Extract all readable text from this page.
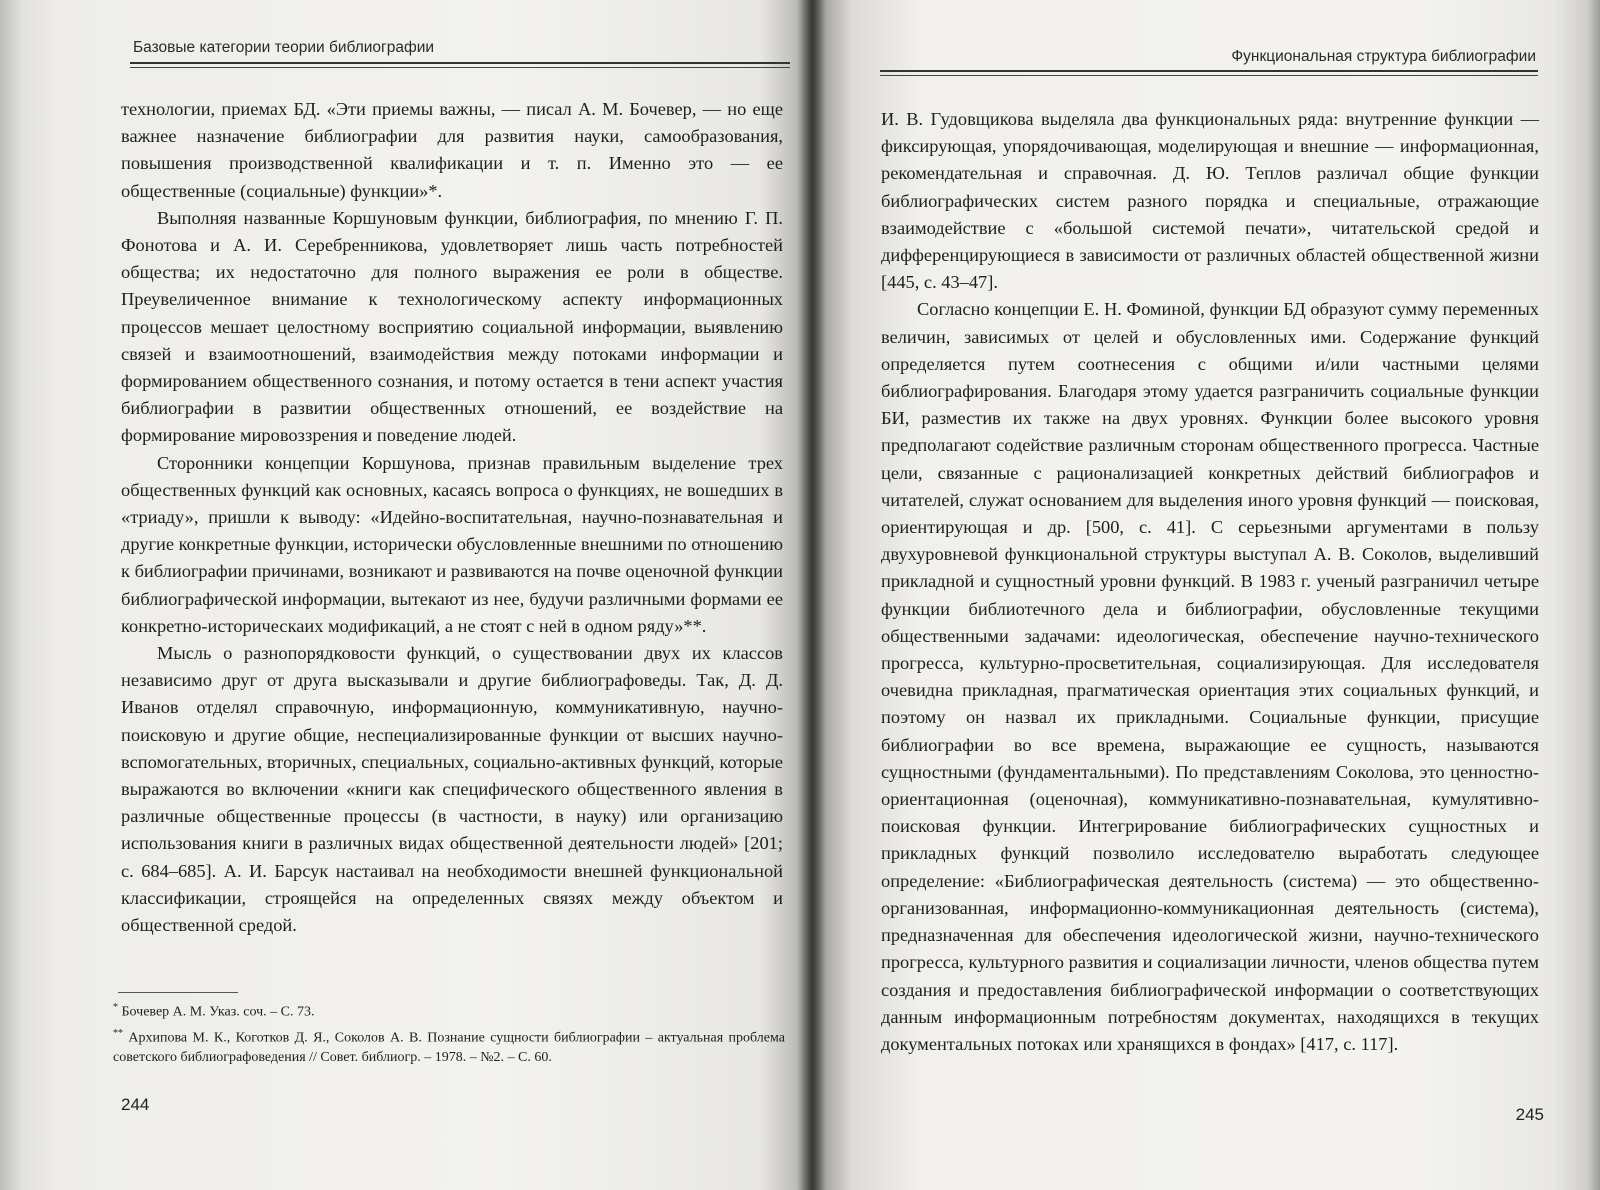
Базовые категории теории библиографии

технологии, приемах БД. «Эти приемы важны, — писал А. М. Бочевер, — но еще важнее назначение библиографии для развития науки, самообразования, повышения производственной квалификации и т. п. Именно это — ее общественные (социальные) функции»*.

Выполняя названные Коршуновым функции, библиография, по мнению Г. П. Фонотова и А. И. Серебренникова, удовлетворяет лишь часть потребностей общества; их недостаточно для полного выражения ее роли в обществе. Преувеличенное внимание к технологическому аспекту информационных процессов мешает целостному восприятию социальной информации, выявлению связей и взаимоотношений, взаимодействия между потоками информации и формированием общественного сознания, и потому остается в тени аспект участия библиографии в развитии общественных отношений, ее воздействие на формирование мировоззрения и поведение людей.

Сторонники концепции Коршунова, признав правильным выделение трех общественных функций как основных, касаясь вопроса о функциях, не вошедших в «триаду», пришли к выводу: «Идейно-воспитательная, научно-познавательная и другие конкретные функции, исторически обусловленные внешними по отношению к библиографии причинами, возникают и развиваются на почве оценочной функции библиографической информации, вытекают из нее, будучи различными формами ее конкретно-историческаих модификаций, а не стоят с ней в одном ряду»**.

Мысль о разнопорядковости функций, о существовании двух их классов независимо друг от друга высказывали и другие библиографоведы. Так, Д. Д. Иванов отделял справочную, информационную, коммуникативную, научно-поисковую и другие общие, неспециализированные функции от высших научно-вспомогательных, вторичных, специальных, социально-активных функций, которые выражаются во включении «книги как специфического общественного явления в различные общественные процессы (в частности, в науку) или организацию использования книги в различных видах общественной деятельности людей» [201; с. 684–685]. А. И. Барсук настаивал на необходимости внешней функциональной классификации, строящейся на определенных связях между объектом и общественной средой.

* Бочевер А. М. Указ. соч. – С. 73.

** Архипова М. К., Коготков Д. Я., Соколов А. В. Познание сущности библиографии – актуальная проблема советского библиографоведения // Совет. библиогр. – 1978. – №2. – С. 60.

244
Функциональная структура библиографии

И. В. Гудовщикова выделяла два функциональных ряда: внутренние функции — фиксирующая, упорядочивающая, моделирующая и внешние — информационная, рекомендательная и справочная. Д. Ю. Теплов различал общие функции библиографических систем разного порядка и специальные, отражающие взаимодействие с «большой системой печати», читательской средой и дифференцирующиеся в зависимости от различных областей общественной жизни [445, с. 43–47].

Согласно концепции Е. Н. Фоминой, функции БД образуют сумму переменных величин, зависимых от целей и обусловленных ими. Содержание функций определяется путем соотнесения с общими и/или частными целями библиографирования. Благодаря этому удается разграничить социальные функции БИ, разместив их также на двух уровнях. Функции более высокого уровня предполагают содействие различным сторонам общественного прогресса. Частные цели, связанные с рационализацией конкретных действий библиографов и читателей, служат основанием для выделения иного уровня функций — поисковая, ориентирующая и др. [500, с. 41]. С серьезными аргументами в пользу двухуровневой функциональной структуры выступал А. В. Соколов, выделивший прикладной и сущностный уровни функций. В 1983 г. ученый разграничил четыре функции библиотечного дела и библиографии, обусловленные текущими общественными задачами: идеологическая, обеспечение научно-технического прогресса, культурно-просветительная, социализирующая. Для исследователя очевидна прикладная, прагматическая ориентация этих социальных функций, и поэтому он назвал их прикладными. Социальные функции, присущие библиографии во все времена, выражающие ее сущность, называются сущностными (фундаментальными). По представлениям Соколова, это ценностно-ориентационная (оценочная), коммуникативно-познавательная, кумулятивно-поисковая функции. Интегрирование библиографических сущностных и прикладных функций позволило исследователю выработать следующее определение: «Библиографическая деятельность (система) — это общественно-организованная, информационно-коммуникационная деятельность (система), предназначенная для обеспечения идеологической жизни, научно-технического прогресса, культурного развития и социализации личности, членов общества путем создания и предоставления библиографической информации о соответствующих данным информационным потребностям документах, находящихся в текущих документальных потоках или хранящихся в фондах» [417, с. 117].

245
